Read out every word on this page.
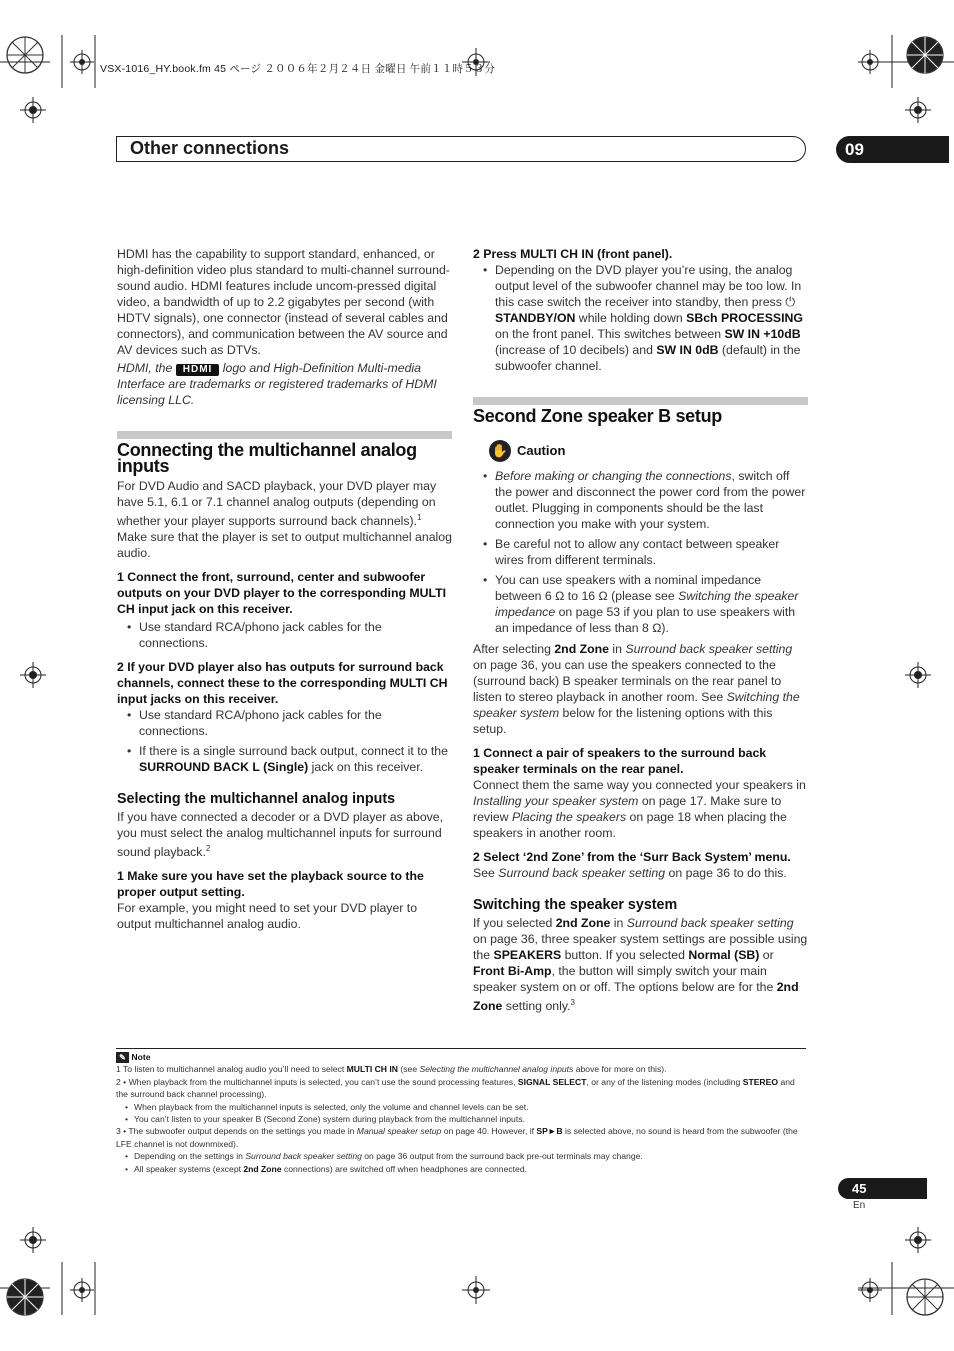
VSX-1016_HY.book.fm 45 ページ ２００６年２月２４日 金曜日 午前１１時５３分
Other connections	09

HDMI has the capability to support standard, enhanced, or high-definition video plus standard to multi-channel surround-sound audio. HDMI features include uncom-pressed digital video, a bandwidth of up to 2.2 gigabytes per second (with HDTV signals), one connector (instead of several cables and connectors), and communication between the AV source and AV devices such as DTVs.

HDMI, the HDMI logo and High-Definition Multi-media Interface are trademarks or registered trademarks of HDMI licensing LLC.

Connecting the multichannel analog inputs

For DVD Audio and SACD playback, your DVD player may have 5.1, 6.1 or 7.1 channel analog outputs (depending on whether your player supports surround back channels).$^1$ Make sure that the player is set to output multichannel analog audio.

1 Connect the front, surround, center and subwoofer outputs on your DVD player to the corresponding MULTI CH input jack on this receiver.

• Use standard RCA/phono jack cables for the connections.

2 If your DVD player also has outputs for surround back channels, connect these to the corresponding MULTI CH input jacks on this receiver.

• Use standard RCA/phono jack cables for the connections.

• If there is a single surround back output, connect it to the SURROUND BACK L (Single) jack on this receiver.

Selecting the multichannel analog inputs

If you have connected a decoder or a DVD player as above, you must select the analog multichannel inputs for surround sound playback.$^2$

1 Make sure you have set the playback source to the proper output setting.

For example, you might need to set your DVD player to output multichannel analog audio.

2 Press MULTI CH IN (front panel).

• Depending on the DVD player you’re using, the analog output level of the subwoofer channel may be too low. In this case switch the receiver into standby, then press ⏻ STANDBY/ON while holding down SBch PROCESSING on the front panel. This switches between SW IN +10dB (increase of 10 decibels) and SW IN 0dB (default) in the subwoofer channel.

Second Zone speaker B setup
✋ Caution

• Before making or changing the connections, switch off the power and disconnect the power cord from the power outlet. Plugging in components should be the last connection you make with your system.

• Be careful not to allow any contact between speaker wires from different terminals.

• You can use speakers with a nominal impedance between 6 Ω to 16 Ω (please see Switching the speaker impedance on page 53 if you plan to use speakers with an impedance of less than 8 Ω).

After selecting 2nd Zone in Surround back speaker setting on page 36, you can use the speakers connected to the (surround back) B speaker terminals on the rear panel to listen to stereo playback in another room. See Switching the speaker system below for the listening options with this setup.

1 Connect a pair of speakers to the surround back speaker terminals on the rear panel.

Connect them the same way you connected your speakers in Installing your speaker system on page 17. Make sure to review Placing the speakers on page 18 when placing the speakers in another room.

2 Select ‘2nd Zone’ from the ‘Surr Back System’ menu.

See Surround back speaker setting on page 36 to do this.

Switching the speaker system

If you selected 2nd Zone in Surround back speaker setting on page 36, three speaker system settings are possible using the SPEAKERS button. If you selected Normal (SB) or Front Bi-Amp, the button will simply switch your main speaker system on or off. The options below are for the 2nd Zone setting only.$^3$

✎ Note

1 To listen to multichannel analog audio you’ll need to select MULTI CH IN (see Selecting the multichannel analog inputs above for more on this).

2 • When playback from the multichannel inputs is selected, you can’t use the sound processing features, SIGNAL SELECT, or any of the listening modes (including STEREO and the surround back channel processing).

• When playback from the multichannel inputs is selected, only the volume and channel levels can be set.

• You can’t listen to your speaker B (Second Zone) system during playback from the multichannel inputs.

3 • The subwoofer output depends on the settings you made in Manual speaker setup on page 40. However, if SP►B is selected above, no sound is heard from the subwoofer (the LFE channel is not downmixed).

• Depending on the settings in Surround back speaker setting on page 36 output from the surround back pre-out terminals may change.

• All speaker systems (except 2nd Zone connections) are switched off when headphones are connected.

45
En
